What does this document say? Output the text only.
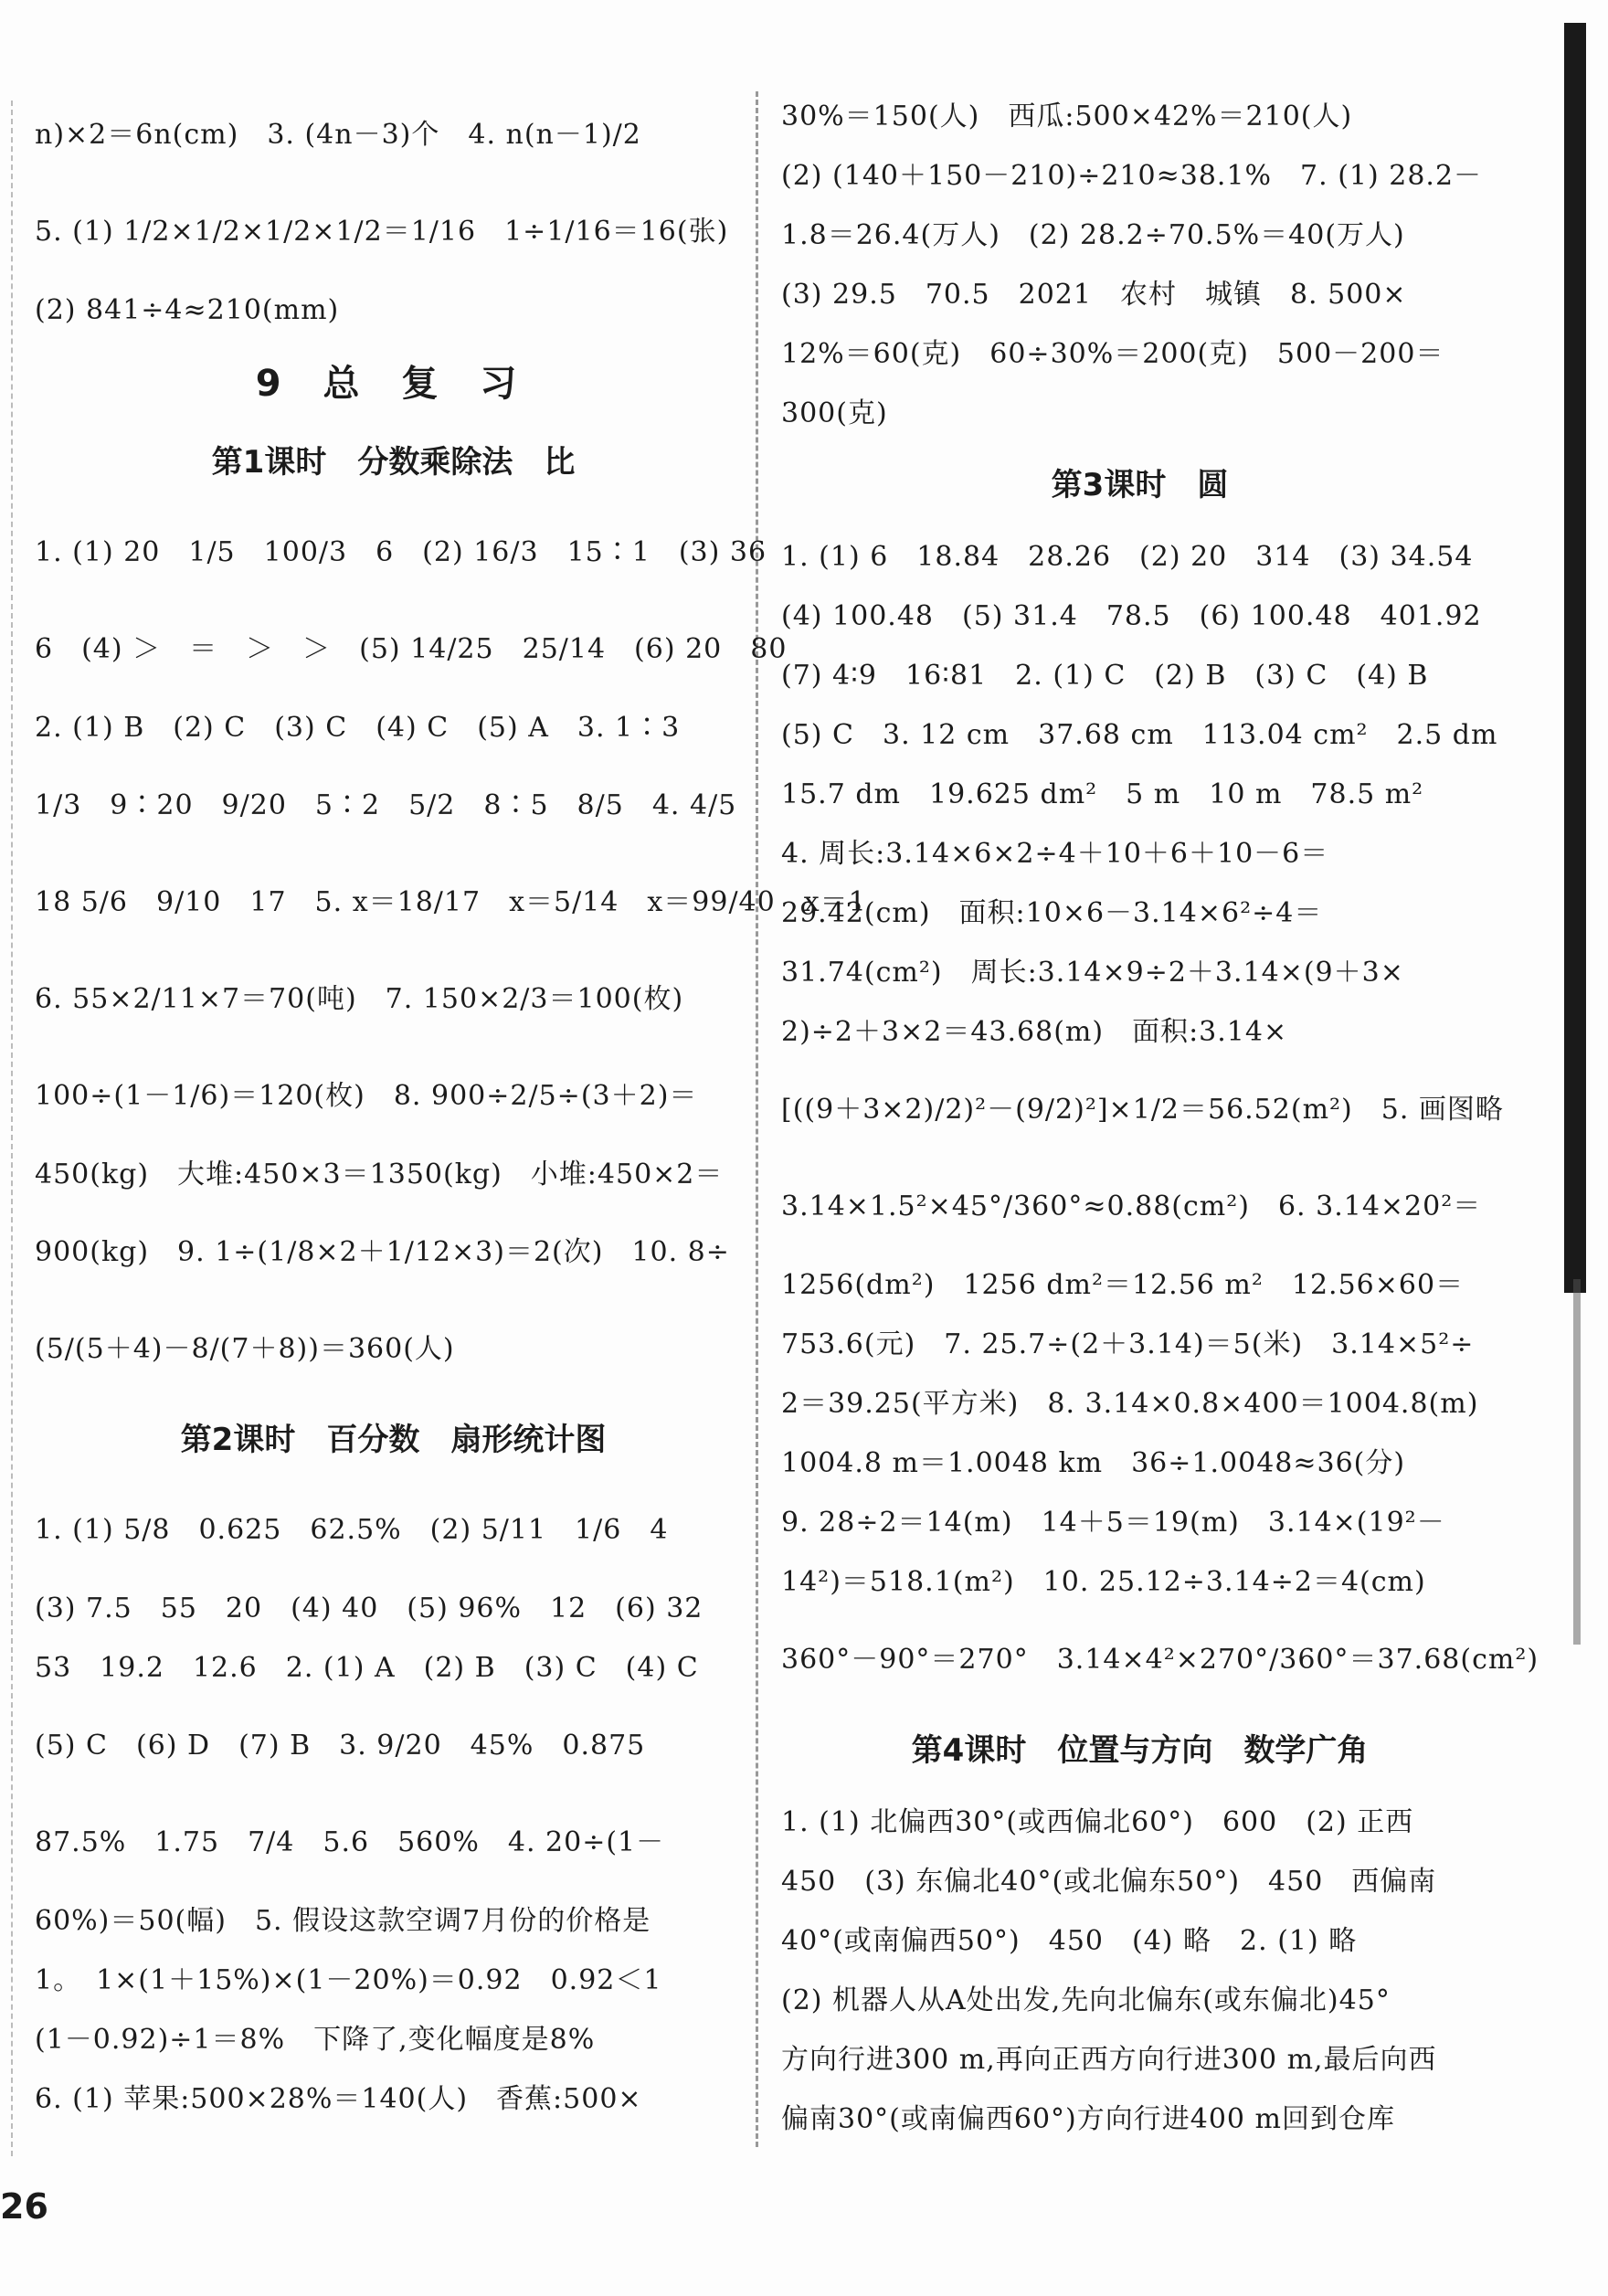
n)×2＝6n(cm)　3. (4n－3)个　4. n(n－1)/2
5. (1) 1/2×1/2×1/2×1/2＝1/16　1÷1/16＝16(张)
(2) 841÷4≈210(mm)
9 总 复 习
第1课时　分数乘除法　比
1. (1) 20　1/5　100/3　6　(2) 16/3　15∶1　(3) 36
6　(4) ＞　＝　＞　＞　(5) 14/25　25/14　(6) 20　80
2. (1) B　(2) C　(3) C　(4) C　(5) A　3. 1∶3
1/3　9∶20　9/20　5∶2　5/2　8∶5　8/5　4. 4/5
18 5/6　9/10　17　5. x＝18/17　x＝5/14　x＝99/40　x＝1
6. 55×2/11×7＝70(吨)　7. 150×2/3＝100(枚)
100÷(1－1/6)＝120(枚)　8. 900÷2/5÷(3＋2)＝
450(kg)　大堆:450×3＝1350(kg)　小堆:450×2＝
900(kg)　9. 1÷(1/8×2＋1/12×3)＝2(次)　10. 8÷
(5/(5＋4)－8/(7＋8))＝360(人)
第2课时　百分数　扇形统计图
1. (1) 5/8　0.625　62.5%　(2) 5/11　1/6　4
(3) 7.5　55　20　(4) 40　(5) 96%　12　(6) 32
53　19.2　12.6　2. (1) A　(2) B　(3) C　(4) C
(5) C　(6) D　(7) B　3. 9/20　45%　0.875
87.5%　1.75　7/4　5.6　560%　4. 20÷(1－
60%)＝50(幅)　5. 假设这款空调7月份的价格是
1。　1×(1＋15%)×(1－20%)＝0.92　0.92＜1
(1－0.92)÷1＝8%　下降了,变化幅度是8%
6. (1) 苹果:500×28%＝140(人)　香蕉:500×
30%＝150(人)　西瓜:500×42%＝210(人)
(2) (140＋150－210)÷210≈38.1%　7. (1) 28.2－
1.8＝26.4(万人)　(2) 28.2÷70.5%＝40(万人)
(3) 29.5　70.5　2021　农村　城镇　8. 500×
12%＝60(克)　60÷30%＝200(克)　500－200＝
300(克)
第3课时　圆
1. (1) 6　18.84　28.26　(2) 20　314　(3) 34.54
(4) 100.48　(5) 31.4　78.5　(6) 100.48　401.92
(7) 4∶9　16∶81　2. (1) C　(2) B　(3) C　(4) B
(5) C　3. 12 cm　37.68 cm　113.04 cm²　2.5 dm
15.7 dm　19.625 dm²　5 m　10 m　78.5 m²
4. 周长:3.14×6×2÷4＋10＋6＋10－6＝
29.42(cm)　面积:10×6－3.14×6²÷4＝
31.74(cm²)　周长:3.14×9÷2＋3.14×(9＋3×
2)÷2＋3×2＝43.68(m)　面积:3.14×
[((9＋3×2)/2)²－(9/2)²]×1/2＝56.52(m²)　5. 画图略
3.14×1.5²×45°/360°≈0.88(cm²)　6. 3.14×20²＝
1256(dm²)　1256 dm²＝12.56 m²　12.56×60＝
753.6(元)　7. 25.7÷(2＋3.14)＝5(米)　3.14×5²÷
2＝39.25(平方米)　8. 3.14×0.8×400＝1004.8(m)
1004.8 m＝1.0048 km　36÷1.0048≈36(分)
9. 28÷2＝14(m)　14＋5＝19(m)　3.14×(19²－
14²)＝518.1(m²)　10. 25.12÷3.14÷2＝4(cm)
360°－90°＝270°　3.14×4²×270°/360°＝37.68(cm²)
第4课时　位置与方向　数学广角
1. (1) 北偏西30°(或西偏北60°)　600　(2) 正西
450　(3) 东偏北40°(或北偏东50°)　450　西偏南
40°(或南偏西50°)　450　(4) 略　2. (1) 略
(2) 机器人从A处出发,先向北偏东(或东偏北)45°
方向行进300 m,再向正西方向行进300 m,最后向西
偏南30°(或南偏西60°)方向行进400 m回到仓库
26
